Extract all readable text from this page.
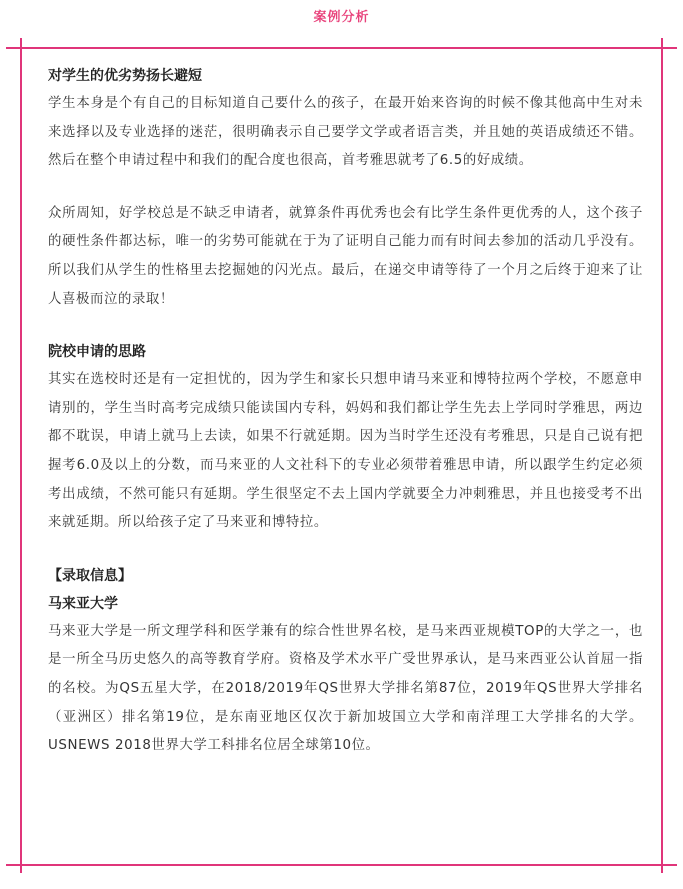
案例分析

对学生的优劣势扬长避短

学生本身是个有自己的目标知道自己要什么的孩子，在最开始来咨询的时候不像其他高中生对未来选择以及专业选择的迷茫，很明确表示自己要学文学或者语言类，并且她的英语成绩还不错。然后在整个申请过程中和我们的配合度也很高，首考雅思就考了6.5的好成绩。

众所周知，好学校总是不缺乏申请者，就算条件再优秀也会有比学生条件更优秀的人，这个孩子的硬性条件都达标，唯一的劣势可能就在于为了证明自己能力而有时间去参加的活动几乎没有。所以我们从学生的性格里去挖掘她的闪光点。最后，在递交申请等待了一个月之后终于迎来了让人喜极而泣的录取！

院校申请的思路

其实在选校时还是有一定担忧的，因为学生和家长只想申请马来亚和博特拉两个学校，不愿意申请别的，学生当时高考完成绩只能读国内专科，妈妈和我们都让学生先去上学同时学雅思，两边都不耽误，申请上就马上去读，如果不行就延期。因为当时学生还没有考雅思，只是自己说有把握考6.0及以上的分数，而马来亚的人文社科下的专业必须带着雅思申请，所以跟学生约定必须考出成绩，不然可能只有延期。学生很坚定不去上国内学就要全力冲刺雅思，并且也接受考不出来就延期。所以给孩子定了马来亚和博特拉。

【录取信息】

马来亚大学

马来亚大学是一所文理学科和医学兼有的综合性世界名校，是马来西亚规模TOP的大学之一，也是一所全马历史悠久的高等教育学府。资格及学术水平广受世界承认，是马来西亚公认首屈一指的名校。为QS五星大学，在2018/2019年QS世界大学排名第87位，2019年QS世界大学排名（亚洲区）排名第19位，是东南亚地区仅次于新加坡国立大学和南洋理工大学排名的大学。USNEWS 2018世界大学工科排名位居全球第10位。
